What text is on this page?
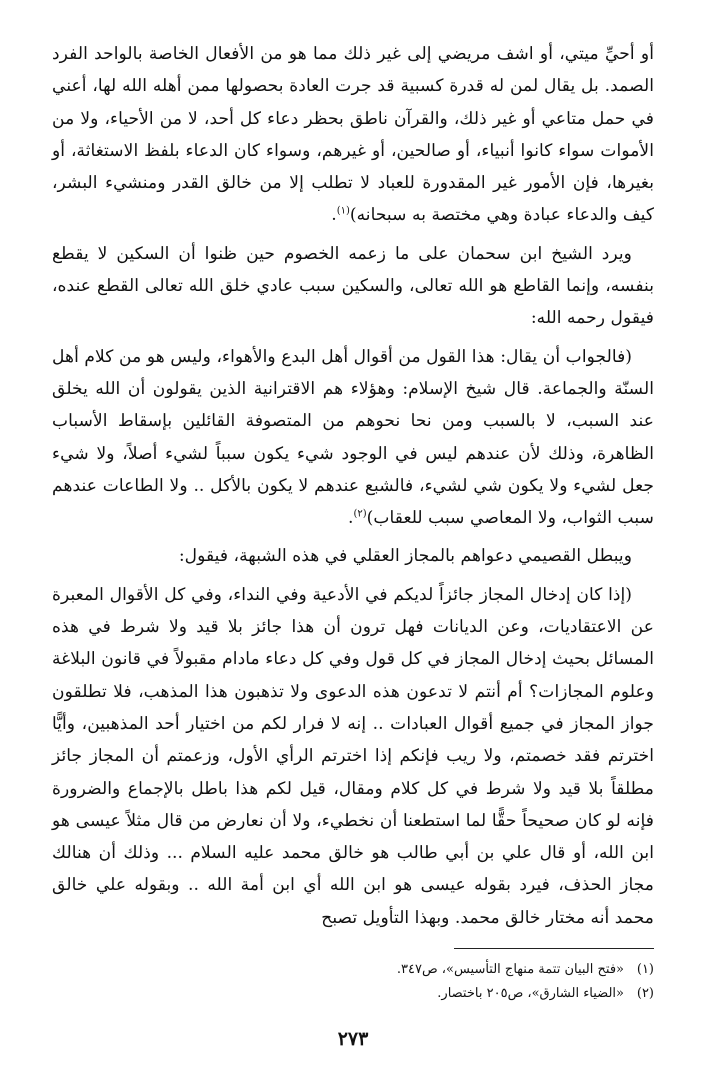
أو أحيِّ ميتي، أو اشف مريضي إلى غير ذلك مما هو من الأفعال الخاصة بالواحد الفرد الصمد. بل يقال لمن له قدرة كسبية قد جرت العادة بحصولها ممن أهله الله لها، أعني في حمل متاعي أو غير ذلك، والقرآن ناطق بحظر دعاء كل أحد، لا من الأحياء، ولا من الأموات سواء كانوا أنبياء، أو صالحين، أو غيرهم، وسواء كان الدعاء بلفظ الاستغاثة، أو بغيرها، فإن الأمور غير المقدورة للعباد لا تطلب إلا من خالق القدر ومنشيء البشر، كيف والدعاء عبادة وهي مختصة به سبحانه)$^{(١)}$.

ويرد الشيخ ابن سحمان على ما زعمه الخصوم حين ظنوا أن السكين لا يقطع بنفسه، وإنما القاطع هو الله تعالى، والسكين سبب عادي خلق الله تعالى القطع عنده، فيقول رحمه الله:

(فالجواب أن يقال: هذا القول من أقوال أهل البدع والأهواء، وليس هو من كلام أهل السنّة والجماعة. قال شيخ الإسلام: وهؤلاء هم الاقترانية الذين يقولون أن الله يخلق عند السبب، لا بالسبب ومن نحا نحوهم من المتصوفة القائلين بإسقاط الأسباب الظاهرة، وذلك لأن عندهم ليس في الوجود شيء يكون سبباً لشيء أصلاً، ولا شيء جعل لشيء ولا يكون شي لشيء، فالشبع عندهم لا يكون بالأكل .. ولا الطاعات عندهم سبب الثواب، ولا المعاصي سبب للعقاب)$^{(٢)}$.

ويبطل القصيمي دعواهم بالمجاز العقلي في هذه الشبهة، فيقول:

(إذا كان إدخال المجاز جائزاً لديكم في الأدعية وفي النداء، وفي كل الأقوال المعبرة عن الاعتقاديات، وعن الديانات فهل ترون أن هذا جائز بلا قيد ولا شرط في هذه المسائل بحيث إدخال المجاز في كل قول وفي كل دعاء مادام مقبولاً في قانون البلاغة وعلوم المجازات؟ أم أنتم لا تدعون هذه الدعوى ولا تذهبون هذا المذهب، فلا تطلقون جواز المجاز في جميع أقوال العبادات .. إنه لا فرار لكم من اختيار أحد المذهبين، وأيًّا اخترتم فقد خصمتم، ولا ريب فإنكم إذا اخترتم الرأي الأول، وزعمتم أن المجاز جائز مطلقاً بلا قيد ولا شرط في كل كلام ومقال، قيل لكم هذا باطل بالإجماع والضرورة فإنه لو كان صحيحاً حقًّا لما استطعنا أن نخطيء، ولا أن نعارض من قال مثلاً عيسى هو ابن الله، أو قال علي بن أبي طالب هو خالق محمد عليه السلام ... وذلك أن هنالك مجاز الحذف، فيرد بقوله عيسى هو ابن الله أي ابن أمة الله .. وبقوله علي خالق محمد أنه مختار خالق محمد. وبهذا التأويل تصبح

(١)«فتح البيان تتمة منهاج التأسيس»، ص٣٤٧.

(٢)«الضياء الشارق»، ص٢٠٥ باختصار.

٢٧٣
